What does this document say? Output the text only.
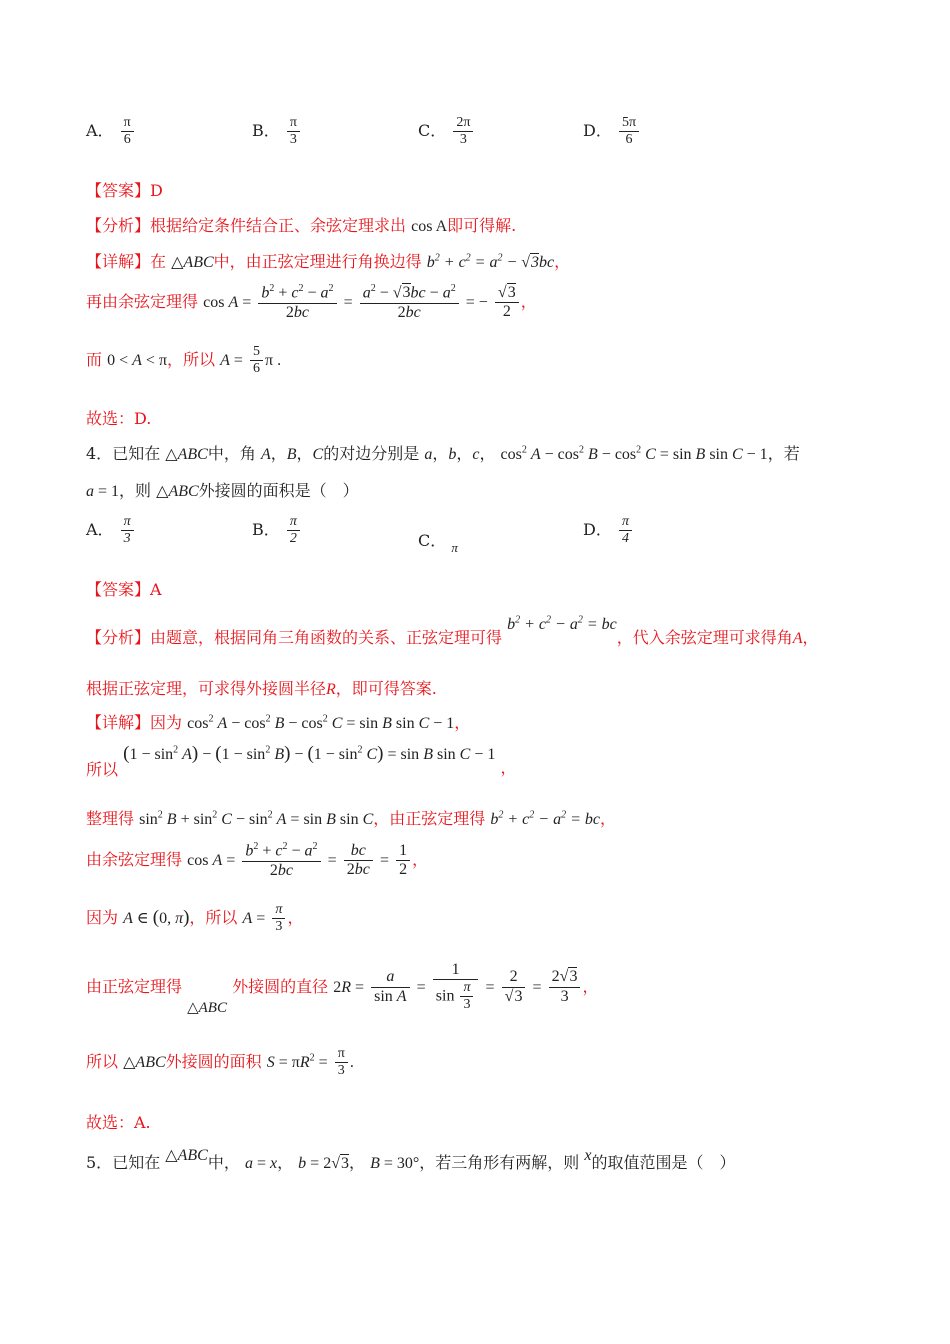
A． $\frac{\pi}{6}$	B． $\frac{\pi}{3}$	C． $\frac{2\pi}{3}$	D． $\frac{5\pi}{6}$
【答案】D
【分析】根据给定条件结合正、余弦定理求出 cos A即可得解.
【详解】在 △ABC中，由正弦定理进行角换边得 $b^2 + c^2 = a^2 - √3bc$，
再由余弦定理得 $\cos A = \frac{b^2 + c^2 - a^2}{2bc} = \frac{a^2 - √3bc - a^2}{2bc}$ = − $\frac{√3}{2}$ ，
而 0 < A < π，所以 $A = \frac{5}{6}$ π .
故选：D.
4．已知在 △ABC中，角 A，B，C的对边分别是 a，b，c， $\cos^2 A - \cos^2 B - \cos^2 C = \sin B$ sin C − 1，若
a = 1，则 △ABC外接圆的面积是（　）
A． $\frac{\pi}{3}$	B． $\frac{\pi}{2}$	C． $_\pi$
D． $\frac{\pi}{4}$
【答案】A
【分析】由题意，根据同角三角函数的关系、正弦定理可得 $b^2 + c^2 - a^2$ = bc，代入余弦定理可求得角A，
根据正弦定理，可求得外接圆半径R，即可得答案.
【详解】因为 $\cos^2 A - \cos^2 B - \cos^2 C = \sin B$ sin C − 1，
所以 $(1 - \sin^2 A) - (1 - \sin^2 B) - (1 - \sin^2 C) = \sin B$ sin C − 1 ，
整理得 $\sin^2 B + \sin^2 C - \sin^2 A = \sin B$ sin C，由正弦定理得 $b^2 + c^2 - a^2$ = bc，
由余弦定理得 $\cos A = \frac{b^2 + c^2 - a^2}{2bc} = \frac{bc}{2bc} = \frac{1}{2}$ ，
因为 A ∈ (0, π)，所以 $A = \frac{\pi}{3}$ ，
由正弦定理得 △ABC 外接圆的直径 $2R = \frac{a}{\text{sin A}} = \frac{1}{\sin \frac{\pi}{3}} = \frac{2}{√3} = \frac{2√3}{3}$ ，
所以 △ABC外接圆的面积 $S = \pi R^2 = \frac{\pi}{3}$ .
故选：A.
5．已知在 △ABC中， a = x， b = 2√3， B = 30°，若三角形有两解，则 x的取值范围是（　）
